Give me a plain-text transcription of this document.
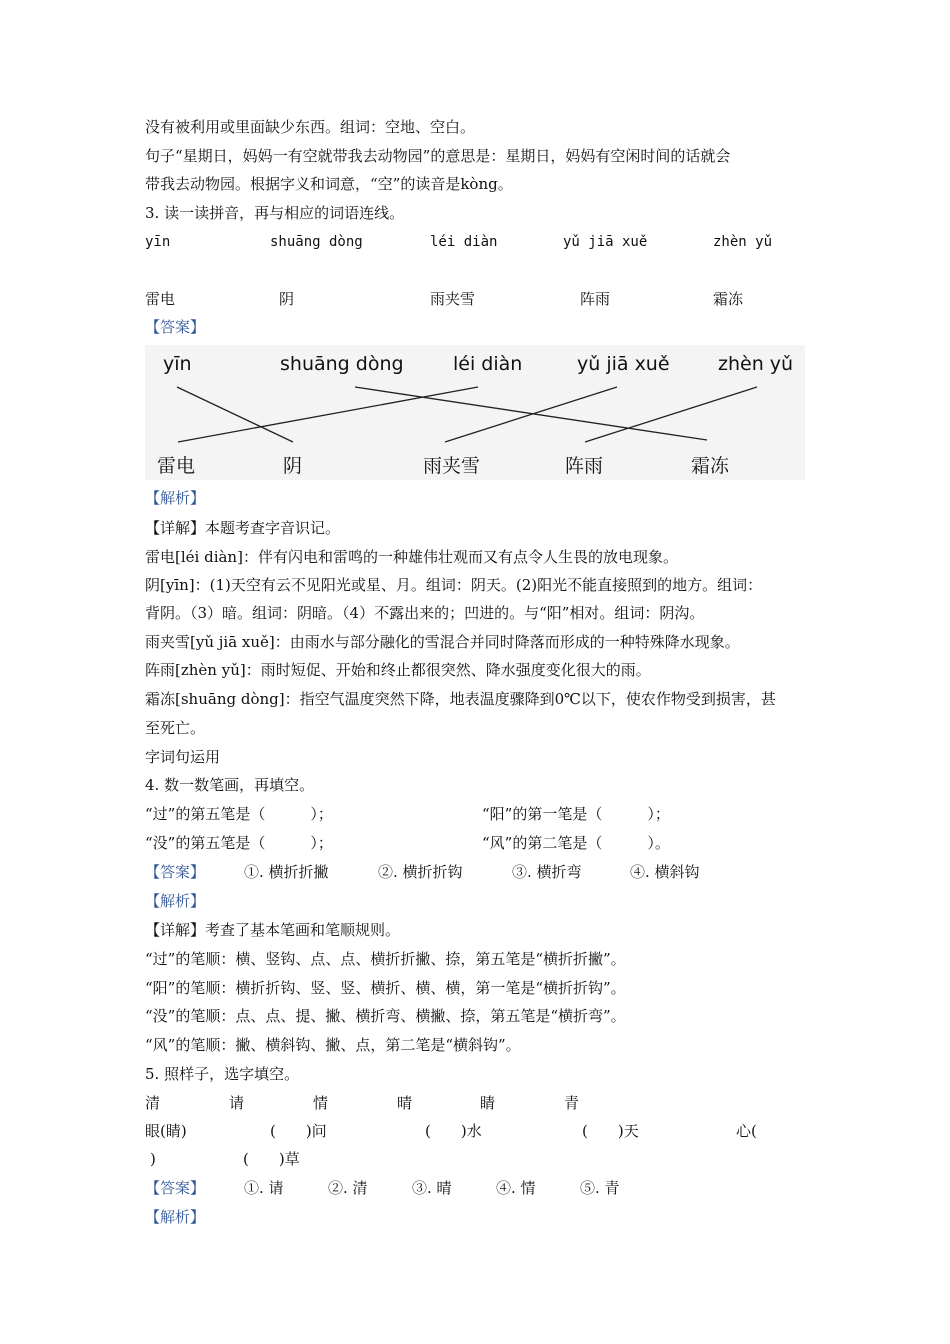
没有被利用或里面缺少东西。组词：空地、空白。
句子“星期日，妈妈一有空就带我去动物园”的意思是：星期日，妈妈有空闲时间的话就会
带我去动物园。根据字义和词意，“空”的读音是kòng。
3. 读一读拼音，再与相应的词语连线。
yīn	shuāng dòng	léi diàn	yǔ jiā xuě	zhèn yǔ
雷电	阴	雨夹雪	阵雨	霜冻
【答案】
yīn	shuāng dòng	léi diàn	yǔ jiā xuě	zhèn yǔ
雷电	阴	雨夹雪	阵雨	霜冻
【解析】
【详解】本题考查字音识记。
雷电[léi diàn]：伴有闪电和雷鸣的一种雄伟壮观而又有点令人生畏的放电现象。
阴[yīn]：(1)天空有云不见阳光或星、月。组词：阴天。(2)阳光不能直接照到的地方。组词：
背阴。（3）暗。组词：阴暗。（4）不露出来的；凹进的。与“阳”相对。组词：阴沟。
雨夹雪[yǔ jiā xuě]：由雨水与部分融化的雪混合并同时降落而形成的一种特殊降水现象。
阵雨[zhèn yǔ]：雨时短促、开始和终止都很突然、降水强度变化很大的雨。
霜冻[shuāng dòng]：指空气温度突然下降，地表温度骤降到0℃以下，使农作物受到损害，甚
至死亡。
字词句运用
4. 数一数笔画，再填空。
“过”的第五笔是（　　　）；	“阳”的第一笔是（　　　）；
“没”的第五笔是（　　　）；	“风”的第二笔是（　　　）。
【答案】	①. 横折折撇	②. 横折折钩	③. 横折弯	④. 横斜钩
【解析】
【详解】考查了基本笔画和笔顺规则。
“过”的笔顺：横、竖钩、点、点、横折折撇、捺，第五笔是“横折折撇”。
“阳”的笔顺：横折折钩、竖、竖、横折、横、横，第一笔是“横折折钩”。
“没”的笔顺：点、点、提、撇、横折弯、横撇、捺，第五笔是“横折弯”。
“风”的笔顺：撇、横斜钩、撇、点，第二笔是“横斜钩”。
5. 照样子，选字填空。
清	请	情	晴	睛	青
眼(睛)	(　　)问	(　　)水	(　　)天	心(
)	(　　)草
【答案】	①. 请	②. 清	③. 晴	④. 情	⑤. 青
【解析】
